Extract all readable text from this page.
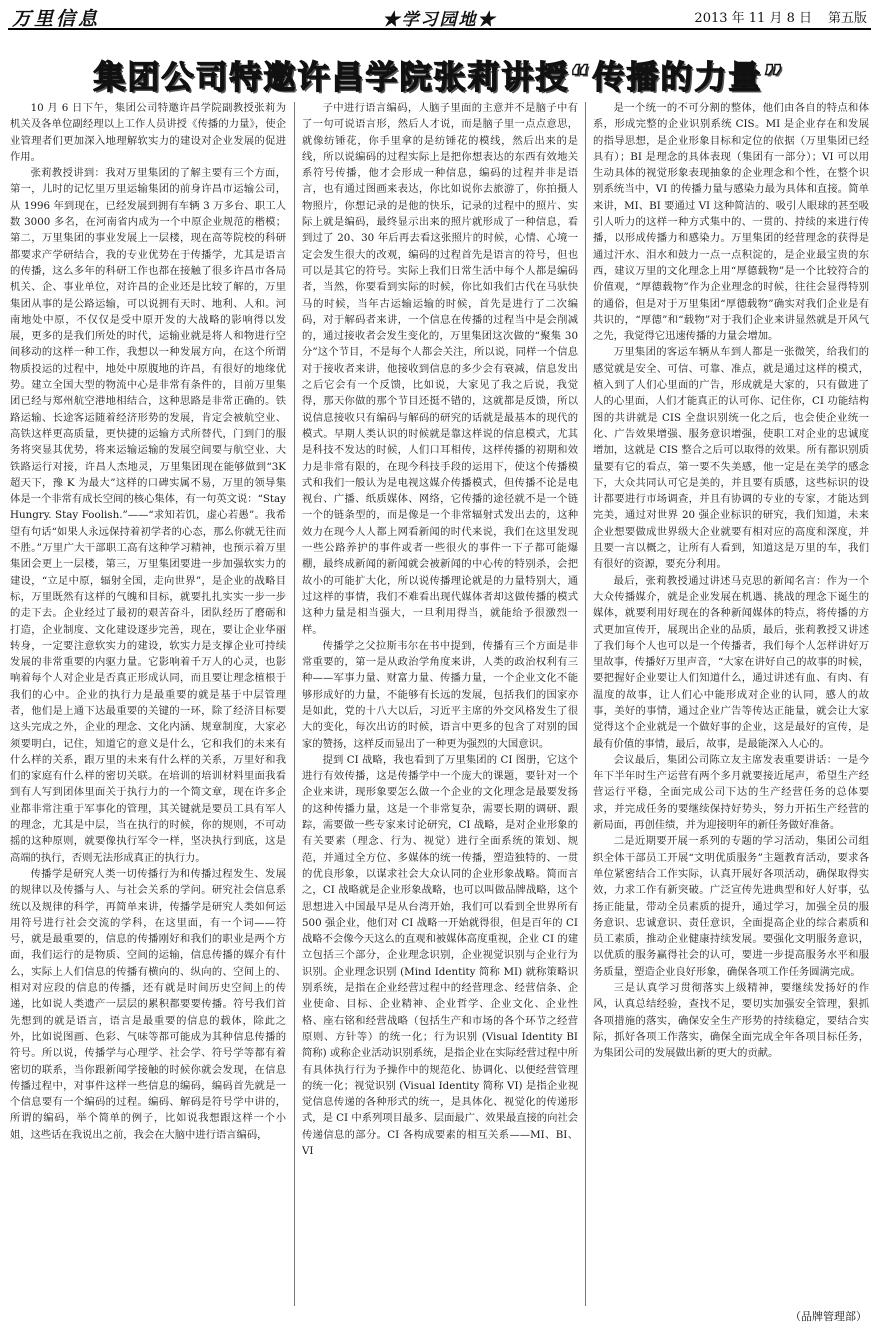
万里信息	★学习园地★	2013 年 11 月 8 日 第五版
集团公司特邀许昌学院张莉讲授“传播的力量”

10 月 6 日下午，集团公司特邀许昌学院副教授张莉为机关及各单位副经理以上工作人员讲授《传播的力量》，使企业管理者们更加深入地理解软实力的建设对企业发展的促进作用。

张莉教授讲到：我对万里集团的了解主要有三个方面，第一，儿时的记忆里万里运输集团的前身许昌市运输公司，从 1996 年到现在，已经发展到拥有车辆 3 万多台、职工人数 3000 多名，在河南省内成为一个中原企业规范的楷模；第二，万里集团的事业发展上一层楼，现在高等院校的科研都要求产学研结合，我的专业优势在于传播学，尤其是语言的传播，这么多年的科研工作也都在接触了很多许昌市各局机关、企、事业单位，对许昌的企业还是比较了解的，万里集团从事的是公路运输，可以说拥有天时、地利、人和。河南地处中原，不仅仅是受中原开发的大战略的影响得以发展，更多的是我们所处的时代，运输业就是将人和物进行空间移动的这样一种工作，我想以一种发展方向，在这个所谓物质投运的过程中，地处中原腹地的许昌，有很好的地缘优势。建立全国大型的物流中心是非常有条件的，目前万里集团已经与郑州航空港地相结合，这种思路是非常正确的。铁路运输、长途客运随着经济形势的发展，肯定会被航空业、高铁这样更高质量，更快捷的运输方式所替代，门到门的服务将突显其优势，将来运输运输的发展空间要与航空业、大铁路运行对接，许昌人杰地灵，万里集团现在能够做到“3K 超天下，豫 K 为最大”这样的口碑实属不易，万里的领导集体是一个非常有成长空间的核心集体，有一句英文说：“Stay Hungry. Stay Foolish.”——“求知若饥，虚心若愚”。我希望有句话“如果人永远保持着初学者的心态，那么你就无往而不胜。”万里广大干部职工高有这种学习精神，也预示着万里集团会更上一层楼，第三，万里集团要进一步加强软实力的建设，“立足中原，辐射全国，走向世界”，是企业的战略目标，万里既然有这样的气魄和目标，就要扎扎实实一步一步的走下去。企业经过了最初的艰苦奋斗，团队经历了磨砺和打造，企业制度、文化建设逐步完善，现在，要让企业华丽转身，一定要注意软实力的建设，软实力是支撑企业可持续发展的非常重要的内驱力量。它影响着千万人的心灵，也影响着每个人对企业是否真正形成认同，而且要让理念植根于我们的心中。企业的执行力是最重要的就是基于中层管理者，他们是上通下达最重要的关键的一环，除了经济目标要这头完成之外，企业的理念、文化内涵、规章制度，大家必须要明白，记住，知道它的意义是什么，它和我们的未来有什么样的关系，跟万里的未来有什么样的关系，万里好和我们的家庭有什么样的密切关联。在培训的培训材料里面我看到有人写到团体里面关于执行力的一个简文章，现在许多企业都非常注重于军事化的管理，其关键就是要员工具有军人的理念，尤其是中层，当在执行的时候，你的规则，不可动摇的这种原则，就要像执行军令一样，坚决执行到底，这是高端的执行，否则无法形成真正的执行力。

传播学是研究人类一切传播行为和传播过程发生、发展的规律以及传播与人、与社会关系的学问。研究社会信息系统以及规律的科学，再简单来讲，传播学是研究人类如何运用符号进行社会交流的学科，在这里面，有一个词——符号，就是最重要的，信息的传播刚好和我们的职业是两个方面，我们运行的是物质、空间的运输，信息传播的媒介有什么，实际上人们信息的传播有横向的、纵向的、空间上的、相对对应段的信息的传播，还有就是时间历史空间上的传递，比如说人类遗产一层层的累积都要要传播。符号我们首先想到的就是语言，语言是最重要的信息的载体，除此之外，比如说图画、色彩、气味等都可能成为其种信息传播的符号。所以说，传播学与心理学、社会学、符号学等都有着密切的联系，当你跟新闻学接触的时候你就会发现，在信息传播过程中，对事件这样一些信息的编码，编码首先就是一个信息要有一个编码的过程。编码、解码是符号学中讲的，所谓的编码，举个简单的例子，比如说我想跟这样一个小姐，这些话在我说出之前，我会在大脑中进行语言编码，

子中进行语言编码，人脑子里面的主意并不是脑子中有了一句可说语言形，然后人才说，而是脑子里一点点意思，就像纺锤花，你手里拿的是纺锤花的模线，然后出来的是线，所以说编码的过程实际上是把你想表达的东西有效地关系符号传播，他才会形成一种信息，编码的过程并非是语言，也有通过图画来表达，你比如说你去旅游了，你拍摄人物照片，你想记录的是他的快乐，记录的过程中的照片、实际上就是编码，最终显示出来的照片就形成了一种信息，看到过了 20、30 年后再去看这张照片的时候，心情、心境一定会发生很大的改观，编码的过程首先是语言的符号，但也可以是其它的符号。实际上我们日常生活中每个人都是编码者，当然，你要看到实际的时候，你比如我们古代在马驮快马的时候，当年古运输运输的时候，首先是进行了二次编码，对于解码者来讲，一个信息在传播的过程当中是会削减的，通过接收者会发生变化的，万里集团这次做的“聚集 30 分”这个节目，不是每个人都会关注，所以说，同样一个信息对于接收者来讲，他接收到信息的多少会有衰减，信息发出之后它会有一个反馈，比如说，大家见了我之后说，我觉得，那天你做的那个节目还挺不错的，这就都是反馈，所以说信息接收只有编码与解码的研究的话就是最基本的现代的模式。早期人类认识的时候就是靠这样说的信息模式，尤其是科技不发达的时候，人们口耳相传，这样传播的初期和效力是非常有限的，在现今科技手段的运用下，使这个传播模式和我们一般认为是电视这媒介传播模式，但传播不论是电视台、广播、纸质媒体、网络，它传播的途径就不是一个链一个的链条型的，而是像是一个非常辐射式发出去的，这种效力在现今人人都上网看新闻的时代来说，我们在这里发现一些公路养护的事件或者一些很火的事件一下子都可能爆棚，最终成新闻的新闻就会被新闻的中心传的特别杀，会把故小的可能扩大化，所以说传播理论就是的力量特别大，通过这样的事情，我们不难看出现代媒体者却这做传播的模式这种力量是相当强大，一旦利用得当，就能给予很激烈一样。

传播学之父拉斯韦尔在书中提到，传播有三个方面是非常重要的，第一是从政治学角度来讲，人类的政治权利有三种——军事力量、财富力量、传播力量，一个企业文化不能够形成好的力量，不能够有长远的发展，包括我们的国家亦是如此，党的十八大以后，习近平主席的外交风格发生了很大的变化，每次出访的时候，语言中更多的包含了对别的国家的赞扬，这样反而显出了一种更为强烈的大国意识。

提到 CI 战略，我也看到了万里集团的 CI 图册，它这个进行有效传播，这是传播学中一个庞大的课题，要针对一个企业来讲，现形象要怎么做一个企业的文化理念是最要发扬的这种传播力量，这是一个非常复杂，需要长期的调研、跟踪，需要做一些专家来讨论研究，CI 战略，是对企业形象的有关要素（理念、行为、视觉）进行全面系统的策划、规范，并通过全方位、多媒体的统一传播，塑造独特的、一贯的优良形象，以谋求社会大众认同的企业形象战略。简而言之，CI 战略就是企业形象战略，也可以叫做品牌战略，这个思想进入中国最早是从台湾开始，我们可以看到全世界所有 500 强企业，他们对 CI 战略一开始就得很，但是百年的 CI 战略不会像今天这么的直观和被媒体高度重视，企业 CI 的建立包括三个部分，企业理念识别，企业视觉识别与企业行为识别。企业理念识别 (Mind Identity 简称 MI) 就称策略识别系统，是指在企业经营过程中的经营理念、经营信条、企业使命、目标、企业精神、企业哲学、企业文化、企业性格、座右铭和经营战略（包括生产和市场的各个环节之经营原则、方针等）的统一化；行为识别 (Visual Identity BI 简称) 或称企业活动识别系统，是指企业在实际经营过程中所有具体执行行为予操作中的规范化、协调化、以便经营管理的统一化；视觉识别 (Visual Identity 简称 VI) 是指企业视觉信息传递的各种形式的统一，是具体化、视觉化的传递形式，是 CI 中系列项目最多、层面最广、效果最直接的向社会传递信息的部分。CI 各构成要素的相互关系——MI、BI、VI

是一个统一的不可分割的整体，他们由各自的特点和体系，形成完整的企业识别系统 CIS。MI 是企业存在和发展的指导思想，是企业形象目标和定位的依据（万里集团已经具有）；BI 是理念的具体表现（集团有一部分）；VI 可以用生动具体的视觉形象表现抽象的企业理念和个性，在整个识别系统当中，VI 的传播力量与感染力最为具体和直接。简单来讲，MI、BI 要通过 VI 这种简洁的、吸引人眼球的甚至吸引人听力的这样一种方式集中的、一贯的、持续的来进行传播，以形成传播力和感染力。万里集团的经营理念的获得是通过汗水、泪水和鼓力一点一点积淀的，是企业最宝贵的东西，建议万里的文化理念上用“厚德载物”是一个比较符合的价值观，“厚德载物”作为企业理念的时候，往往会显得特别的通俗，但是对于万里集团“厚德载物”确实对我们企业是有共识的，“厚德”和“载物”对于我们企业来讲显然就是开风气之先，我觉得它迅速传播的力量会增加。

万里集团的客运车辆从车到人都是一张微笑，给我们的感觉就是安全、可信、可靠、准点，就是通过这样的模式，植入到了人们心里面的广告，形成就是大家的，只有做进了人的心里面，人们才能真正的认可你、记住你，CI 功能结构图的共讲就是 CIS 全盘识别统一化之后，也会使企业统一化、广告效果增强、服务意识增强，使职工对企业的忠诚度增加，这就是 CIS 整合之后可以取得的效果。所有都识别质量要有它的看点，第一要不失美感，他一定是在美学的感念下，大众共同认可它是美的，并且要有质感，这些标识的设计都要进行市场调查，并且有协调的专业的专家，才能达到完美，通过对世界 20 强企业标识的研究，我们知道，未来企业想要做成世界级大企业就要有相对应的高度和深度，并且要一言以概之，让所有人看到，知道这是万里的车，我们有很好的资源，要充分利用。

最后，张莉教授通过讲述马克思的新闻名言：作为一个大众传播媒介，就是企业发展在机遇、挑战的理念下诞生的媒体，就要利用好现在的各种新闻媒体的特点，将传播的方式更加宣传开，展现出企业的品质，最后，张莉教授又讲述了我们每个人也可以是一个传播者，我们每个人怎样讲好万里故事，传播好万里声音，“大家在讲好自己的故事的时候，要把握好企业要让人们知道什么，通过讲述有血、有肉、有温度的故事，让人们心中能形成对企业的认同，感人的故事，美好的事情，通过企业广告等传达正能量，就会让大家觉得这个企业就是一个做好事的企业，这是最好的宣传，是最有价值的事情，最后，故事，是最能深入人心的。

会议最后，集团公司陈立友主席发表重要讲话：一是今年下半年时生产运营有两个多月就要接近尾声，希望生产经营运行平稳，全面完成公司下达的生产经营任务的总体要求，并完成任务的要继续保持好势头，努力开拓生产经营的新局面，再创佳绩，并为迎接明年的新任务做好准备。

二是近期要开展一系列的专题的学习活动，集团公司组织全体干部员工开展“文明优质服务”主题教育活动，要求各单位紧密结合工作实际，认真开展好各项活动，确保取得实效，力求工作有新突破。广泛宣传先进典型和好人好事，弘扬正能量，带动全员素质的提升，通过学习，加强全员的服务意识、忠诚意识、责任意识，全面提高企业的综合素质和员工素质，推动企业健康持续发展。要强化文明服务意识，以优质的服务赢得社会的认可，要进一步提高服务水平和服务质量，塑造企业良好形象，确保各项工作任务圆满完成。

三是认真学习贯彻落实上级精神，要继续发扬好的作风，认真总结经验，查找不足，要切实加强安全管理，狠抓各项措施的落实，确保安全生产形势的持续稳定，要结合实际，抓好各项工作落实，确保全面完成全年各项目标任务，为集团公司的发展做出新的更大的贡献。

（品牌管理部）
